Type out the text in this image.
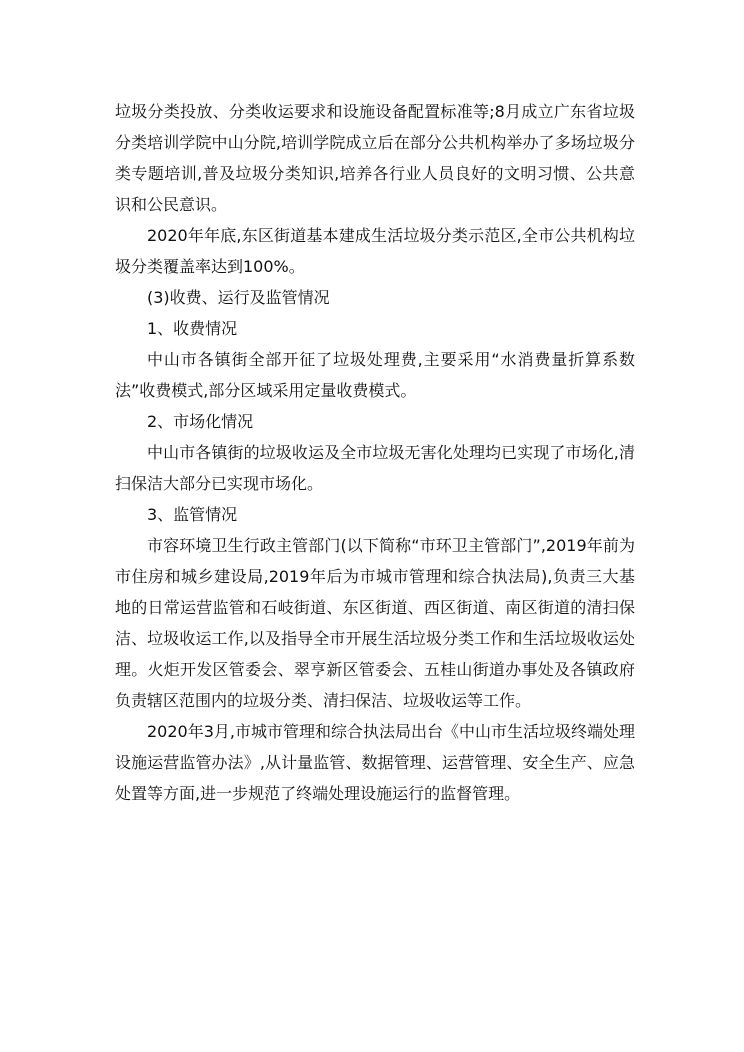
垃圾分类投放、分类收运要求和设施设备配置标准等;8月成立广东省垃圾分类培训学院中山分院,培训学院成立后在部分公共机构举办了多场垃圾分类专题培训,普及垃圾分类知识,培养各行业人员良好的文明习惯、公共意识和公民意识。

2020年年底,东区街道基本建成生活垃圾分类示范区,全市公共机构垃圾分类覆盖率达到100%。

(3)收费、运行及监管情况

1、收费情况

中山市各镇街全部开征了垃圾处理费,主要采用“水消费量折算系数法”收费模式,部分区域采用定量收费模式。

2、市场化情况

中山市各镇街的垃圾收运及全市垃圾无害化处理均已实现了市场化,清扫保洁大部分已实现市场化。

3、监管情况

市容环境卫生行政主管部门(以下简称“市环卫主管部门”,2019年前为市住房和城乡建设局,2019年后为市城市管理和综合执法局),负责三大基地的日常运营监管和石岐街道、东区街道、西区街道、南区街道的清扫保洁、垃圾收运工作,以及指导全市开展生活垃圾分类工作和生活垃圾收运处理。火炬开发区管委会、翠亨新区管委会、五桂山街道办事处及各镇政府负责辖区范围内的垃圾分类、清扫保洁、垃圾收运等工作。

2020年3月,市城市管理和综合执法局出台《中山市生活垃圾终端处理设施运营监管办法》,从计量监管、数据管理、运营管理、安全生产、应急处置等方面,进一步规范了终端处理设施运行的监督管理。
